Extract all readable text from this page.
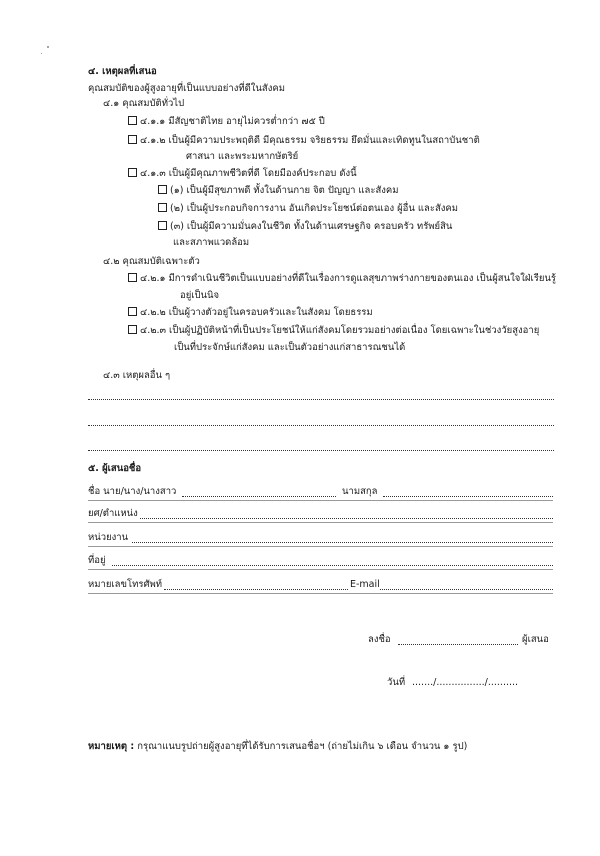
๔. เหตุผลที่เสนอ
คุณสมบัติของผู้สูงอายุที่เป็นแบบอย่างที่ดีในสังคม
๔.๑ คุณสมบัติทั่วไป
๔.๑.๑ มีสัญชาติไทย อายุไม่ควรต่ำกว่า ๗๕ ปี
๔.๑.๒ เป็นผู้มีความประพฤติดี มีคุณธรรม จริยธรรม ยึดมั่นและเทิดทูนในสถาบันชาติ
ศาสนา และพระมหากษัตริย์
๔.๑.๓ เป็นผู้มีคุณภาพชีวิตที่ดี โดยมีองค์ประกอบ ดังนี้
(๑) เป็นผู้มีสุขภาพดี ทั้งในด้านกาย จิต ปัญญา และสังคม
(๒) เป็นผู้ประกอบกิจการงาน อันเกิดประโยชน์ต่อตนเอง ผู้อื่น และสังคม
(๓) เป็นผู้มีความมั่นคงในชีวิต ทั้งในด้านเศรษฐกิจ ครอบครัว ทรัพย์สิน
และสภาพแวดล้อม
๔.๒ คุณสมบัติเฉพาะตัว
๔.๒.๑ มีการดำเนินชีวิตเป็นแบบอย่างที่ดีในเรื่องการดูแลสุขภาพร่างกายของตนเอง เป็นผู้สนใจใฝ่เรียนรู้
อยู่เป็นนิจ
๔.๒.๒ เป็นผู้วางตัวอยู่ในครอบครัวและในสังคม โดยธรรม
๔.๒.๓ เป็นผู้ปฏิบัติหน้าที่เป็นประโยชน์ให้แก่สังคมโดยรวมอย่างต่อเนื่อง โดยเฉพาะในช่วงวัยสูงอายุ
เป็นที่ประจักษ์แก่สังคม และเป็นตัวอย่างแก่สาธารณชนได้
๔.๓ เหตุผลอื่น ๆ
๕. ผู้เสนอชื่อ
ชื่อ นาย/นาง/นางสาว	นามสกุล
ยศ/ตำแหน่ง
หน่วยงาน
ที่อยู่
หมายเลขโทรศัพท์	E-mail
ลงชื่อ	ผู้เสนอ
วันที่ ......./................/..........
หมายเหตุ : กรุณาแนบรูปถ่ายผู้สูงอายุที่ได้รับการเสนอชื่อฯ (ถ่ายไม่เกิน ๖ เดือน จำนวน ๑ รูป)
